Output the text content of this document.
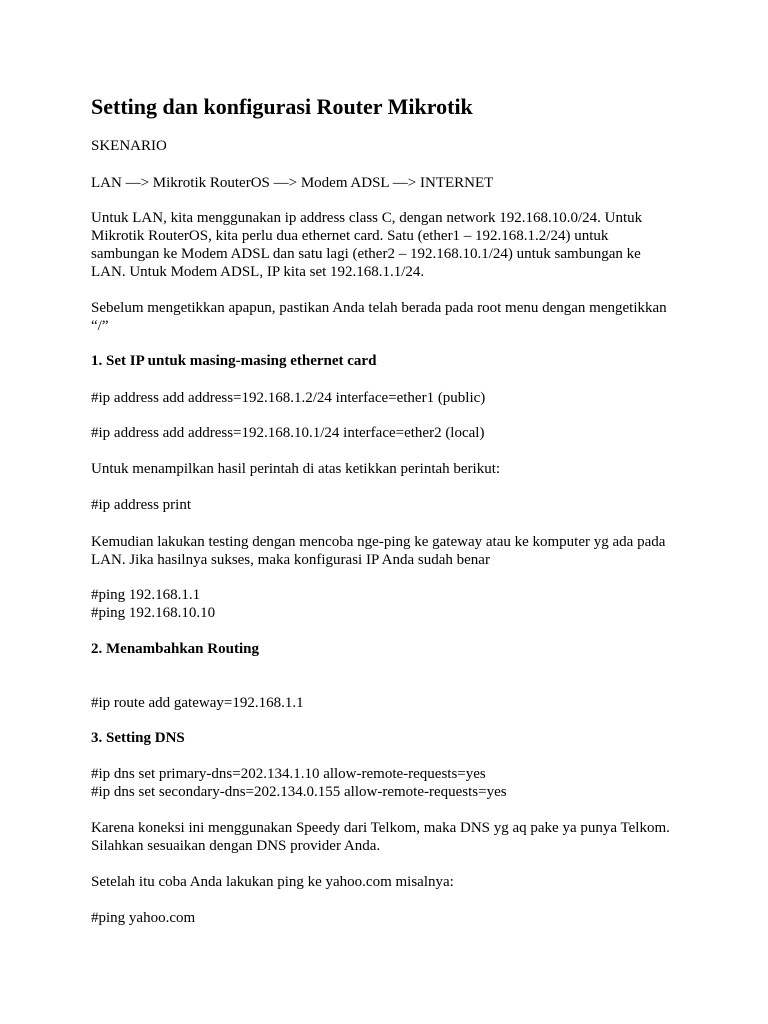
Setting dan konfigurasi Router Mikrotik

SKENARIO

LAN —> Mikrotik RouterOS —> Modem ADSL —> INTERNET

Untuk LAN, kita menggunakan ip address class C, dengan network 192.168.10.0/24. Untuk
Mikrotik RouterOS, kita perlu dua ethernet card. Satu (ether1 – 192.168.1.2/24) untuk
sambungan ke Modem ADSL dan satu lagi (ether2 – 192.168.10.1/24) untuk sambungan ke
LAN. Untuk Modem ADSL, IP kita set 192.168.1.1/24.

Sebelum mengetikkan apapun, pastikan Anda telah berada pada root menu dengan mengetikkan
“/”

1. Set IP untuk masing-masing ethernet card

#ip address add address=192.168.1.2/24 interface=ether1 (public)

#ip address add address=192.168.10.1/24 interface=ether2 (local)

Untuk menampilkan hasil perintah di atas ketikkan perintah berikut:

#ip address print

Kemudian lakukan testing dengan mencoba nge-ping ke gateway atau ke komputer yg ada pada
LAN. Jika hasilnya sukses, maka konfigurasi IP Anda sudah benar

#ping 192.168.1.1
#ping 192.168.10.10

2. Menambahkan Routing

#ip route add gateway=192.168.1.1

3. Setting DNS

#ip dns set primary-dns=202.134.1.10 allow-remote-requests=yes
#ip dns set secondary-dns=202.134.0.155 allow-remote-requests=yes

Karena koneksi ini menggunakan Speedy dari Telkom, maka DNS yg aq pake ya punya Telkom.
Silahkan sesuaikan dengan DNS provider Anda.

Setelah itu coba Anda lakukan ping ke yahoo.com misalnya:

#ping yahoo.com
